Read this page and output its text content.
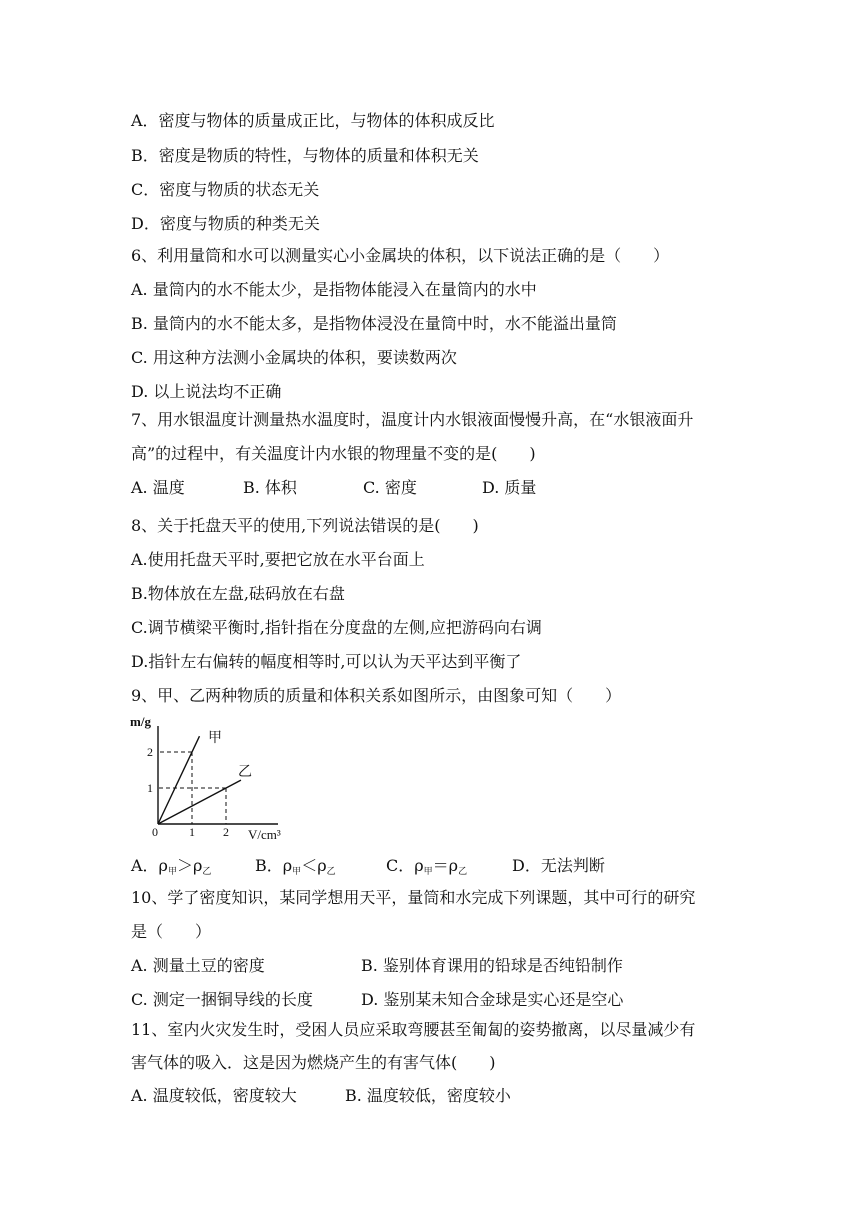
A．密度与物体的质量成正比，与物体的体积成反比
B．密度是物质的特性，与物体的质量和体积无关
C．密度与物质的状态无关
D．密度与物质的种类无关
6、利用量筒和水可以测量实心小金属块的体积，以下说法正确的是（　　）
A. 量筒内的水不能太少，是指物体能浸入在量筒内的水中
B. 量筒内的水不能太多，是指物体浸没在量筒中时，水不能溢出量筒
C. 用这种方法测小金属块的体积，要读数两次
D. 以上说法均不正确
7、用水银温度计测量热水温度时，温度计内水银液面慢慢升高，在“水银液面升
高”的过程中，有关温度计内水银的物理量不变的是(　　)
A. 温度	B. 体积	C. 密度	D. 质量
8、关于托盘天平的使用,下列说法错误的是(　　)
A.使用托盘天平时,要把它放在水平台面上
B.物体放在左盘,砝码放在右盘
C.调节横梁平衡时,指针指在分度盘的左侧,应把游码向右调
D.指针左右偏转的幅度相等时,可以认为天平达到平衡了
9、甲、乙两种物质的质量和体积关系如图所示，由图象可知（　　）
m/g
V/cm³
0	1 2
1
2
甲
乙
A．ρ甲＞ρ乙	B．ρ甲＜ρ乙	C．ρ甲＝ρ乙	D．无法判断
10、学了密度知识，某同学想用天平，量筒和水完成下列课题，其中可行的研究
是（　　）
A. 测量土豆的密度	B. 鉴别体育课用的铅球是否纯铅制作
C. 测定一捆铜导线的长度	D. 鉴别某未知合金球是实心还是空心
11、室内火灾发生时，受困人员应采取弯腰甚至匍匐的姿势撤离，以尽量减少有
害气体的吸入．这是因为燃烧产生的有害气体(　　)
A. 温度较低，密度较大	B. 温度较低，密度较小
